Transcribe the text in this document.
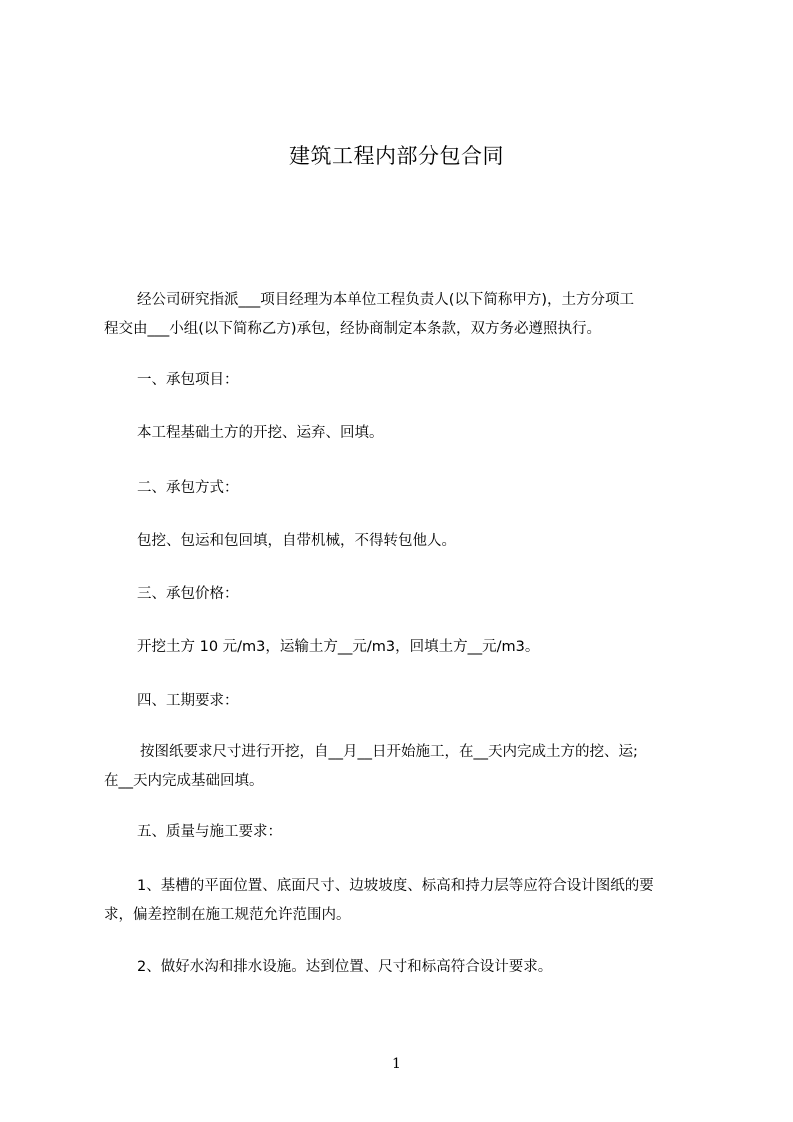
建筑工程内部分包合同
经公司研究指派___项目经理为本单位工程负责人(以下简称甲方)，土方分项工
程交由___小组(以下简称乙方)承包，经协商制定本条款，双方务必遵照执行。
一、承包项目：
本工程基础土方的开挖、运弃、回填。
二、承包方式：
包挖、包运和包回填，自带机械，不得转包他人。
三、承包价格：
开挖土方 10 元/m3，运输土方__元/m3，回填土方__元/m3。
四、工期要求：
按图纸要求尺寸进行开挖，自__月__日开始施工，在__天内完成土方的挖、运;
在__天内完成基础回填。
五、质量与施工要求：
1、基槽的平面位置、底面尺寸、边坡坡度、标高和持力层等应符合设计图纸的要
求，偏差控制在施工规范允许范围内。
2、做好水沟和排水设施。达到位置、尺寸和标高符合设计要求。
1
